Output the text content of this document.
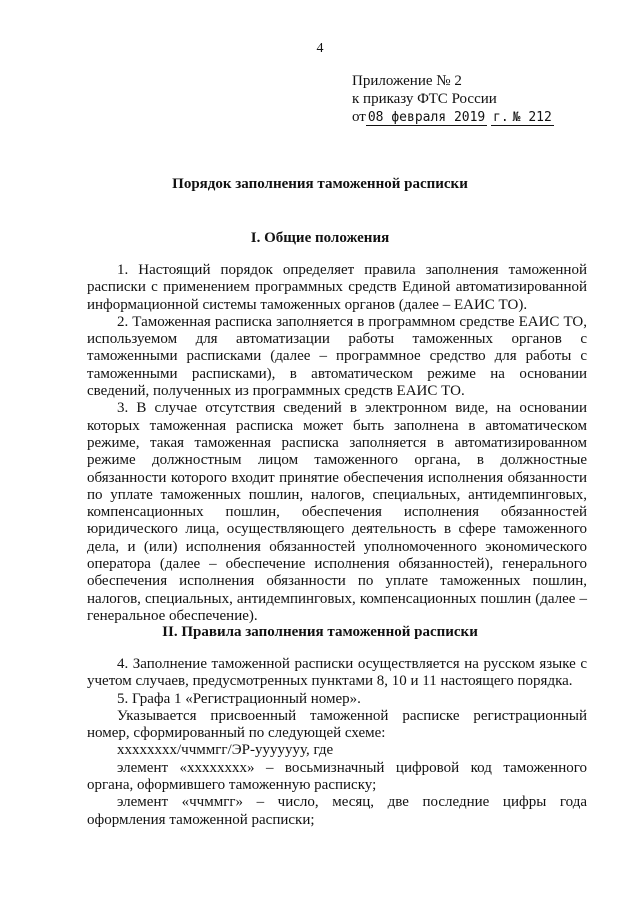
4
Приложение № 2
к приказу ФТС России
от 08 февраля 2019 г. № 212
Порядок заполнения таможенной расписки
I. Общие положения

1. Настоящий порядок определяет правила заполнения таможенной расписки с применением программных средств Единой автоматизированной информационной системы таможенных органов (далее – ЕАИС ТО).

2. Таможенная расписка заполняется в программном средстве ЕАИС ТО, используемом для автоматизации работы таможенных органов с таможенными расписками (далее – программное средство для работы с таможенными расписками), в автоматическом режиме на основании сведений, полученных из программных средств ЕАИС ТО.

3. В случае отсутствия сведений в электронном виде, на основании которых таможенная расписка может быть заполнена в автоматическом режиме, такая таможенная расписка заполняется в автоматизированном режиме должностным лицом таможенного органа, в должностные обязанности которого входит принятие обеспечения исполнения обязанности по уплате таможенных пошлин, налогов, специальных, антидемпинговых, компенсационных пошлин, обеспечения исполнения обязанностей юридического лица, осуществляющего деятельность в сфере таможенного дела, и (или) исполнения обязанностей уполномоченного экономического оператора (далее – обеспечение исполнения обязанностей), генерального обеспечения исполнения обязанности по уплате таможенных пошлин, налогов, специальных, антидемпинговых, компенсационных пошлин (далее – генеральное обеспечение).

II. Правила заполнения таможенной расписки

4. Заполнение таможенной расписки осуществляется на русском языке с учетом случаев, предусмотренных пунктами 8, 10 и 11 настоящего порядка.

5. Графа 1 «Регистрационный номер».

Указывается присвоенный таможенной расписке регистрационный номер, сформированный по следующей схеме:

хххххххх/ччммгг/ЭР-ууууууу, где

элемент «хххххххх» – восьмизначный цифровой код таможенного органа, оформившего таможенную расписку;

элемент «ччммгг» – число, месяц, две последние цифры года оформления таможенной расписки;
